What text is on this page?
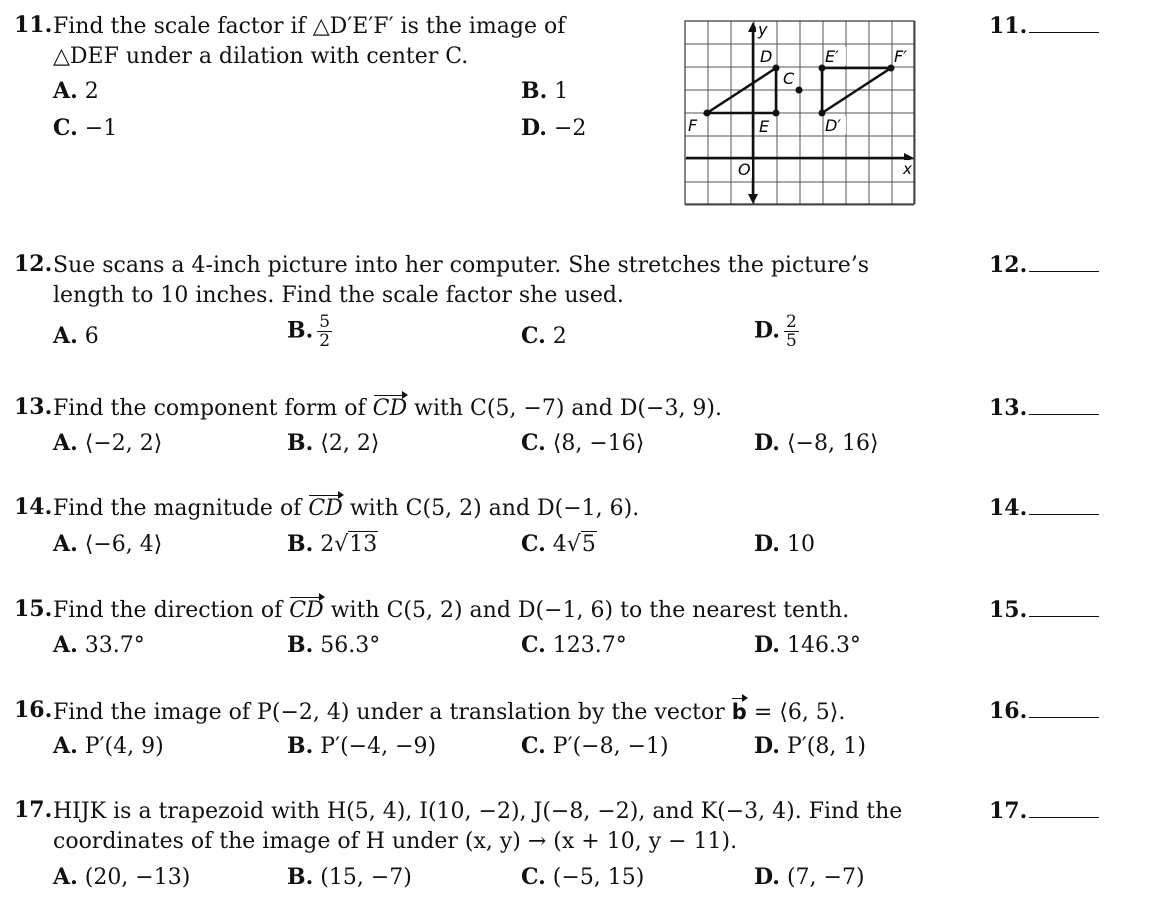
11. Find the scale factor if △D′E′F′ is the image of
△DEF under a dilation with center C.
A. 2	B. 1
C. −1	D. −2
11.
y
x
O
D
E
F
C
D′
E′	F′
12. Sue scans a 4-inch picture into her computer. She stretches the picture’s
length to 10 inches. Find the scale factor she used.
A. 6	B. $\frac{5}{2}$	C. 2	D. $\frac{2}{5}$
12.
13. Find the component form of CD with C(5, −7) and D(−3, 9).
A. ⟨−2, 2⟩	B. ⟨2, 2⟩	C. ⟨8, −16⟩	D. ⟨−8, 16⟩
13.
14. Find the magnitude of CD with C(5, 2) and D(−1, 6).
A. ⟨−6, 4⟩	B. 2√13	C. 4√5	D. 10
14.
15. Find the direction of CD with C(5, 2) and D(−1, 6) to the nearest tenth.
A. 33.7°	B. 56.3°	C. 123.7°	D. 146.3°
15.
16. Find the image of P(−2, 4) under a translation by the vector b = ⟨6, 5⟩.
A. P′(4, 9)	B. P′(−4, −9)	C. P′(−8, −1)	D. P′(8, 1)
16.
17. HIJK is a trapezoid with H(5, 4), I(10, −2), J(−8, −2), and K(−3, 4). Find the
coordinates of the image of H under (x, y) → (x + 10, y − 11).
A. (20, −13)	B. (15, −7)	C. (−5, 15)	D. (7, −7)
17.
